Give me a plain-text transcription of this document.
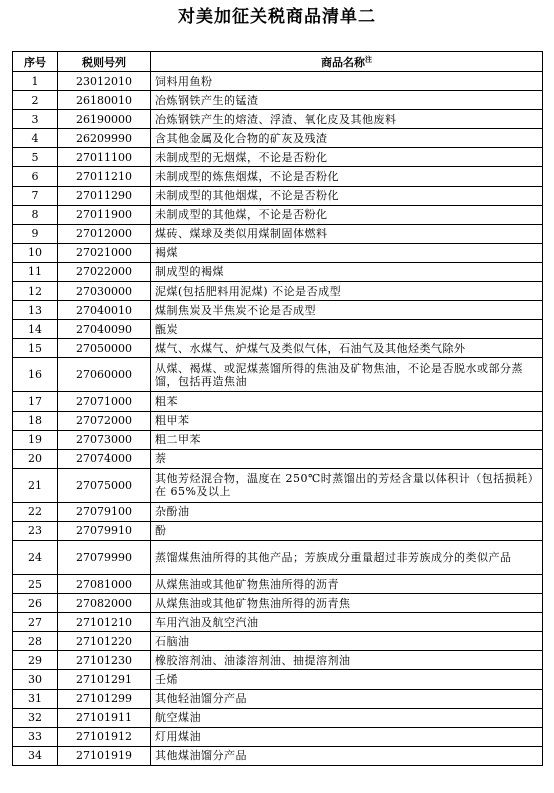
对美加征关税商品清单二
序号	税则号列	商品名称$^注$
1	23012010	饲料用鱼粉
2	26180010	冶炼钢铁产生的锰渣
3	26190000	冶炼钢铁产生的熔渣、浮渣、氧化皮及其他废料
4	26209990	含其他金属及化合物的矿灰及残渣
5	27011100	未制成型的无烟煤，不论是否粉化
6	27011210	未制成型的炼焦烟煤，不论是否粉化
7	27011290	未制成型的其他烟煤，不论是否粉化
8	27011900	未制成型的其他煤，不论是否粉化
9	27012000	煤砖、煤球及类似用煤制固体燃料
10	27021000	褐煤
11	27022000	制成型的褐煤
12	27030000	泥煤(包括肥料用泥煤) 不论是否成型
13	27040010	煤制焦炭及半焦炭不论是否成型
14	27040090	甑炭
15	27050000	煤气、水煤气、炉煤气及类似气体，石油气及其他烃类气除外
16	27060000	从煤、褐煤、或泥煤蒸馏所得的焦油及矿物焦油，不论是否脱水或部分蒸馏，包括再造焦油
17	27071000	粗苯
18	27072000	粗甲苯
19	27073000	粗二甲苯
20	27074000	萘
21	27075000	其他芳烃混合物，温度在 250℃时蒸馏出的芳烃含量以体积计（包括损耗）在 65%及以上
22	27079100	杂酚油
23	27079910	酚
24	27079990	蒸馏煤焦油所得的其他产品；芳族成分重量超过非芳族成分的类似产品
25	27081000	从煤焦油或其他矿物焦油所得的沥青
26	27082000	从煤焦油或其他矿物焦油所得的沥青焦
27	27101210	车用汽油及航空汽油
28	27101220	石脑油
29	27101230	橡胶溶剂油、油漆溶剂油、抽提溶剂油
30	27101291	壬烯
31	27101299	其他轻油馏分产品
32	27101911	航空煤油
33	27101912	灯用煤油
34	27101919	其他煤油馏分产品
